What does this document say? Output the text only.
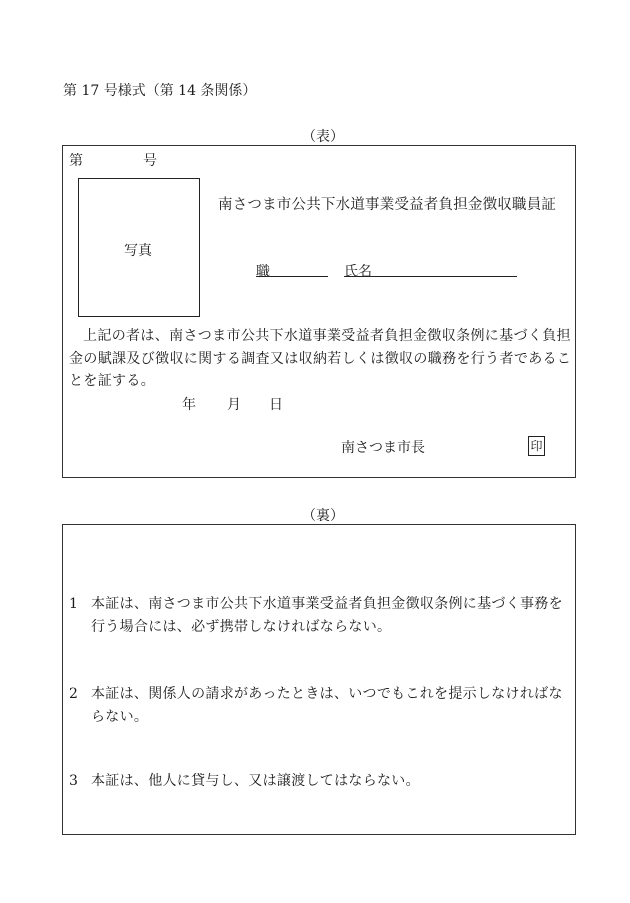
第 17 号様式（第 14 条関係）
（表）
第	号
写真
南さつま市公共下水道事業受益者負担金徴収職員証
職	氏名
上記の者は、南さつま市公共下水道事業受益者負担金徴収条例に基づく負担金の賦課及び徴収に関する調査又は収納若しくは徴収の職務を行う者であることを証する。
年 月 日
南さつま市長	印
（裏）
1 本証は、南さつま市公共下水道事業受益者負担金徴収条例に基づく事務を行う場合には、必ず携帯しなければならない。
2 本証は、関係人の請求があったときは、いつでもこれを提示しなければならない。
3 本証は、他人に貸与し、又は譲渡してはならない。
